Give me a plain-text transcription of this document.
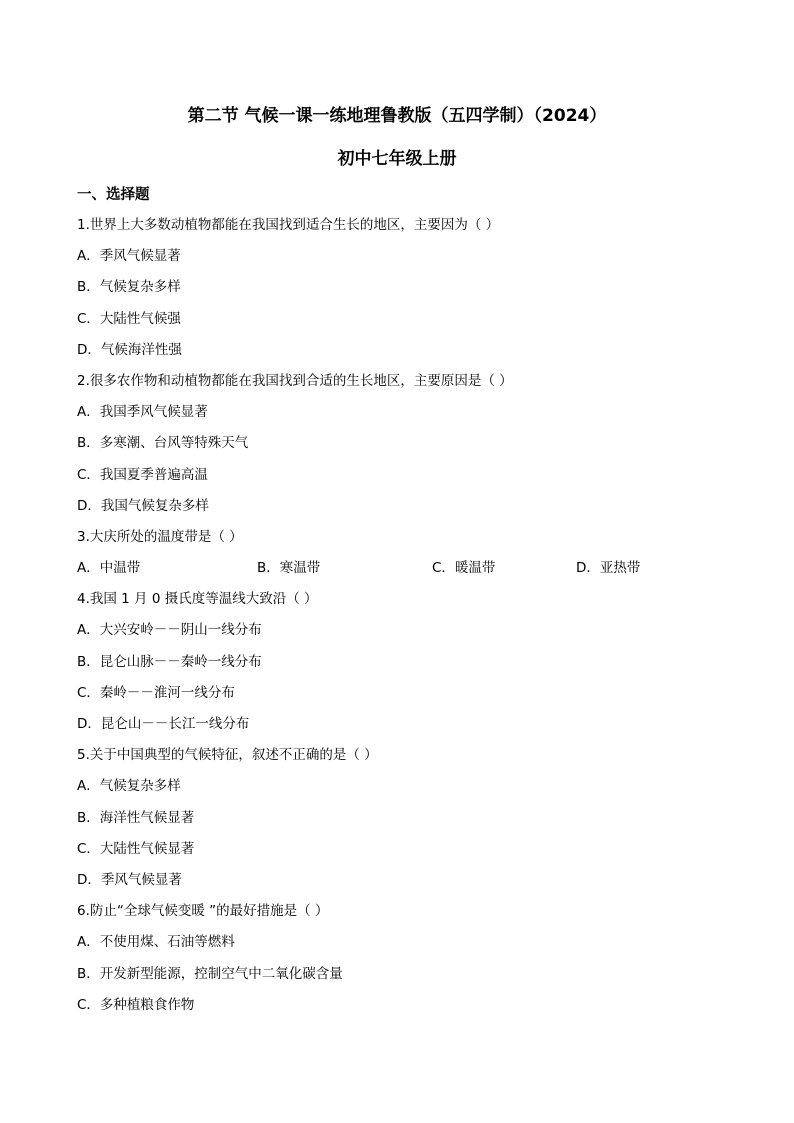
第二节 气候一课一练地理鲁教版（五四学制）（2024）
初中七年级上册
一、选择题
1.世界上大多数动植物都能在我国找到适合生长的地区，主要因为（ ）
A．季风气候显著
B．气候复杂多样
C．大陆性气候强
D．气候海洋性强
2.很多农作物和动植物都能在我国找到合适的生长地区，主要原因是（ ）
A．我国季风气候显著
B．多寒潮、台风等特殊天气
C．我国夏季普遍高温
D．我国气候复杂多样
3.大庆所处的温度带是（ ）
A．中温带	B．寒温带	C．暖温带	D．亚热带
4.我国 1 月 0 摄氏度等温线大致沿（ ）
A．大兴安岭－－阴山一线分布
B．昆仑山脉－－秦岭一线分布
C．秦岭－－淮河一线分布
D．昆仑山－－长江一线分布
5.关于中国典型的气候特征，叙述不正确的是（ ）
A．气候复杂多样
B．海洋性气候显著
C．大陆性气候显著
D．季风气候显著
6.防止“全球气候变暖 ”的最好措施是（ ）
A．不使用煤、石油等燃料
B．开发新型能源，控制空气中二氧化碳含量
C．多种植粮食作物
